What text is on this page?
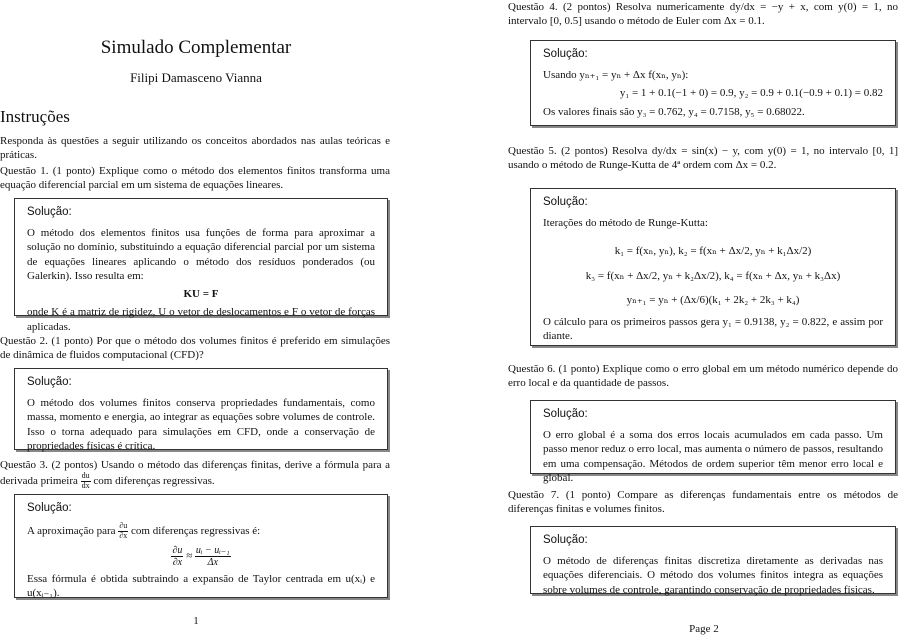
Simulado Complementar
Filipi Damasceno Vianna
Instruções

Responda às questões a seguir utilizando os conceitos abordados nas aulas teóricas e práticas.

Questão 1. (1 ponto) Explique como o método dos elementos finitos transforma uma equação diferencial parcial em um sistema de equações lineares.

Solução:

O método dos elementos finitos usa funções de forma para aproximar a solução no domínio, substituindo a equação diferencial parcial por um sistema de equações lineares aplicando o método dos resíduos ponderados (ou Galerkin). Isso resulta em:

KU = F

onde K é a matriz de rigidez, U o vetor de deslocamentos e F o vetor de forças aplicadas.

Questão 2. (1 ponto) Por que o método dos volumes finitos é preferido em simulações de dinâmica de fluidos computacional (CFD)?

Solução:

O método dos volumes finitos conserva propriedades fundamentais, como massa, momento e energia, ao integrar as equações sobre volumes de controle. Isso o torna adequado para simulações em CFD, onde a conservação de propriedades físicas é crítica.

Questão 3. (2 pontos) Usando o método das diferenças finitas, derive a fórmula para a derivada primeira $\frac{du}{dx}$ com diferenças regressivas.

Solução:

A aproximação para $\frac{\partial u}{\partial x}$ com diferenças regressivas é:

$\frac{\partial u}{\partial x} \approx \frac{\text{uᵢ − uᵢ₋₁}}{\Delta x}$

Essa fórmula é obtida subtraindo a expansão de Taylor centrada em u(xᵢ) e u(xᵢ₋₁).

1

Questão 4. (2 pontos) Resolva numericamente dy/dx = −y + x, com y(0) = 1, no intervalo [0, 0.5] usando o método de Euler com Δx = 0.1.

Solução:

Usando yₙ₊₁ = yₙ + Δx f(xₙ, yₙ):

y₁ = 1 + 0.1(−1 + 0) = 0.9, y₂ = 0.9 + 0.1(−0.9 + 0.1) = 0.82

Os valores finais são y₃ = 0.762, y₄ = 0.7158, y₅ = 0.68022.

Questão 5. (2 pontos) Resolva dy/dx = sin(x) − y, com y(0) = 1, no intervalo [0, 1] usando o método de Runge-Kutta de 4ª ordem com Δx = 0.2.

Solução:

Iterações do método de Runge-Kutta:

k₁ = f(xₙ, yₙ), k₂ = f(xₙ + Δx/2, yₙ + k₁Δx/2)
k₃ = f(xₙ + Δx/2, yₙ + k₂Δx/2), k₄ = f(xₙ + Δx, yₙ + k₃Δx)
yₙ₊₁ = yₙ + (Δx/6)(k₁ + 2k₂ + 2k₃ + k₄)

O cálculo para os primeiros passos gera y₁ = 0.9138, y₂ = 0.822, e assim por diante.

Questão 6. (1 ponto) Explique como o erro global em um método numérico depende do erro local e da quantidade de passos.

Solução:

O erro global é a soma dos erros locais acumulados em cada passo. Um passo menor reduz o erro local, mas aumenta o número de passos, resultando em uma compensação. Métodos de ordem superior têm menor erro local e global.

Questão 7. (1 ponto) Compare as diferenças fundamentais entre os métodos de diferenças finitas e volumes finitos.

Solução:

O método de diferenças finitas discretiza diretamente as derivadas nas equações diferenciais. O método dos volumes finitos integra as equações sobre volumes de controle, garantindo conservação de propriedades físicas.

Page 2
